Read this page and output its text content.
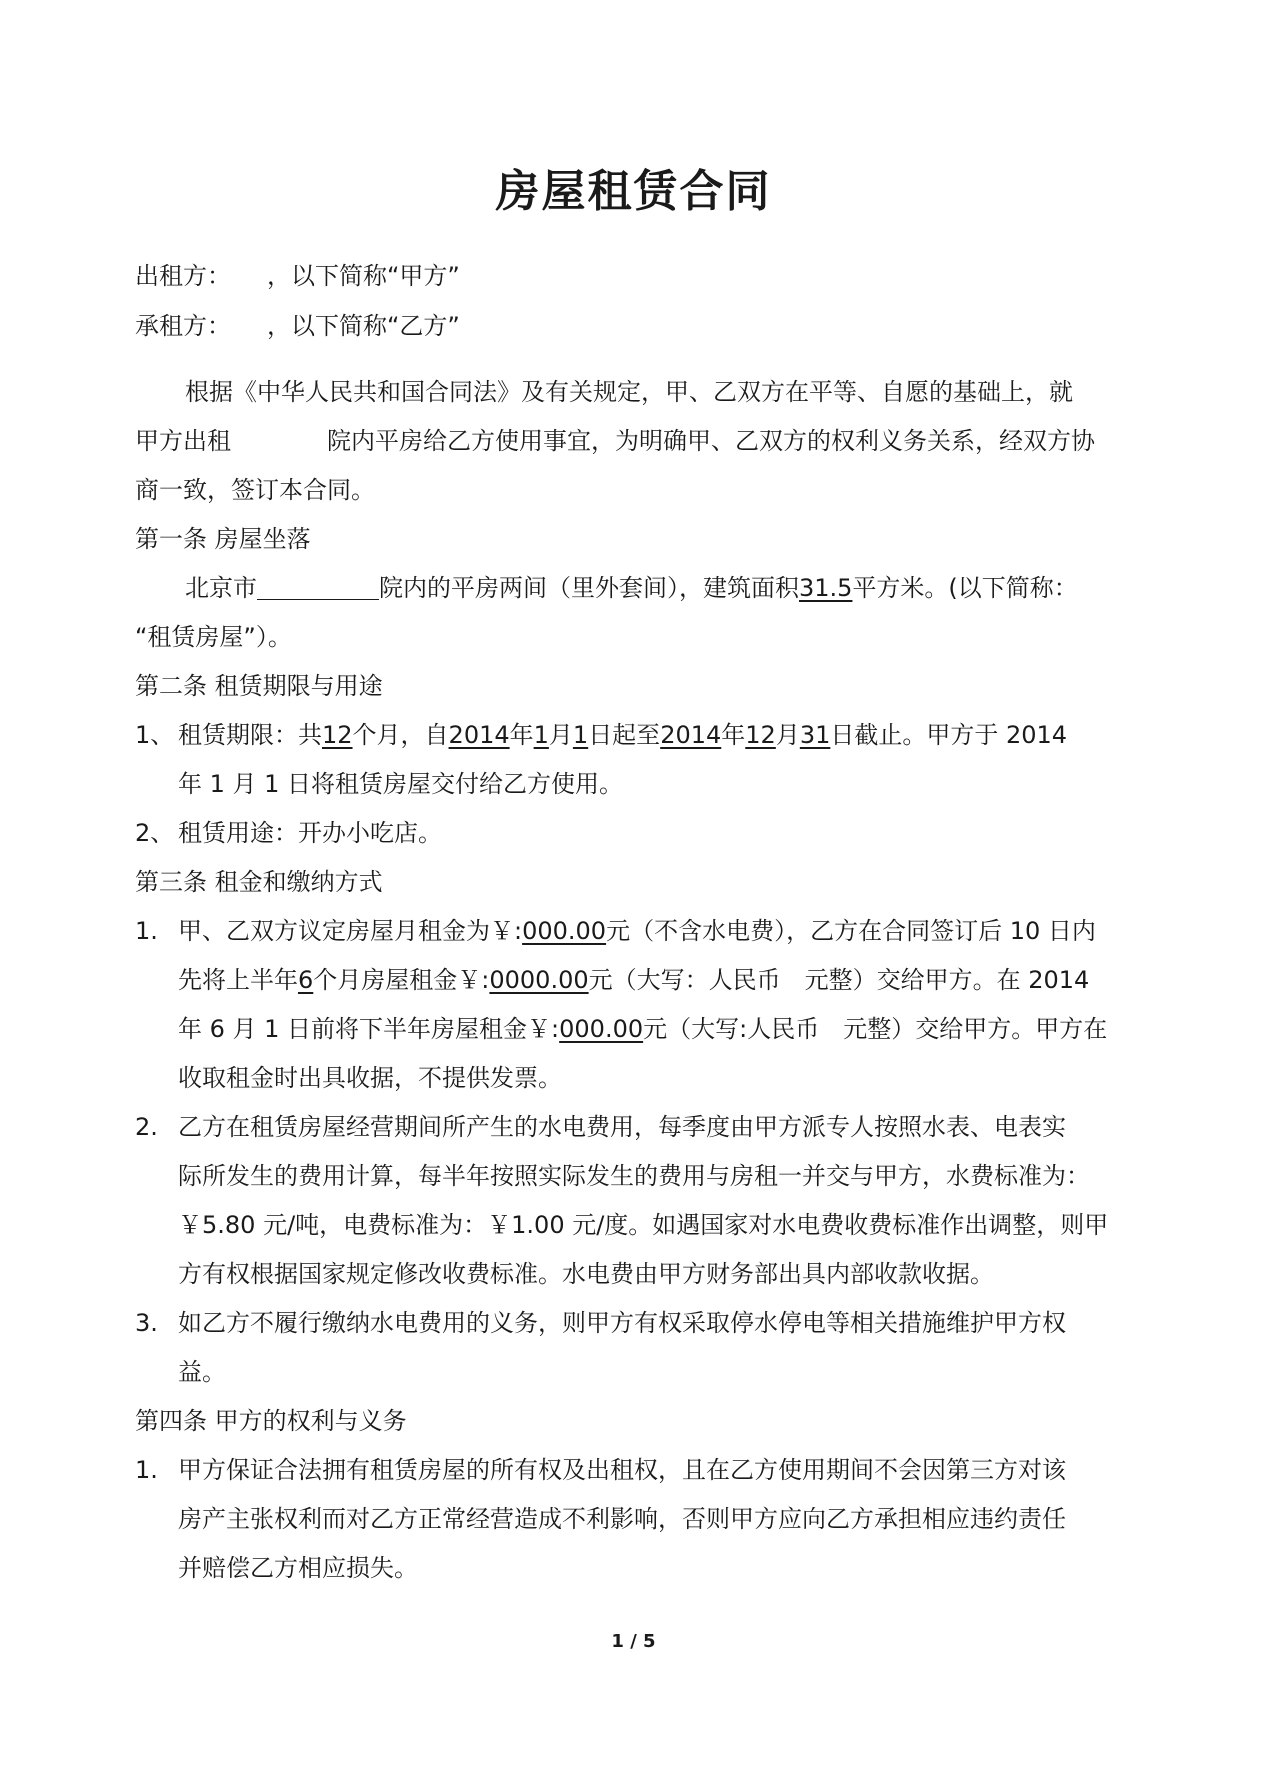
房屋租赁合同
出租方：　　，以下简称“甲方”
承租方：　　，以下简称“乙方”
根据《中华人民共和国合同法》及有关规定，甲、乙双方在平等、自愿的基础上，就
甲方出租　　　　院内平房给乙方使用事宜，为明确甲、乙双方的权利义务关系，经双方协
商一致，签订本合同。
第一条 房屋坐落
北京市	院内的平房两间（里外套间），建筑面积31.5平方米。(以下简称：
“租赁房屋”）。
第二条 租赁期限与用途
1、 租赁期限：共12个月，自2014年1月1日起至2014年12月31日截止。甲方于 2014
年 1 月 1 日将租赁房屋交付给乙方使用。
2、 租赁用途：开办小吃店。
第三条 租金和缴纳方式
1. 甲、乙双方议定房屋月租金为￥:000.00元（不含水电费），乙方在合同签订后 10 日内
先将上半年6个月房屋租金￥:0000.00元（大写：人民币　元整）交给甲方。在 2014
年 6 月 1 日前将下半年房屋租金￥:000.00元（大写:人民币　元整）交给甲方。甲方在
收取租金时出具收据，不提供发票。
2. 乙方在租赁房屋经营期间所产生的水电费用，每季度由甲方派专人按照水表、电表实
际所发生的费用计算，每半年按照实际发生的费用与房租一并交与甲方，水费标准为：
￥5.80 元/吨，电费标准为：￥1.00 元/度。如遇国家对水电费收费标准作出调整，则甲
方有权根据国家规定修改收费标准。水电费由甲方财务部出具内部收款收据。
3. 如乙方不履行缴纳水电费用的义务，则甲方有权采取停水停电等相关措施维护甲方权
益。
第四条 甲方的权利与义务
1. 甲方保证合法拥有租赁房屋的所有权及出租权，且在乙方使用期间不会因第三方对该
房产主张权利而对乙方正常经营造成不利影响，否则甲方应向乙方承担相应违约责任
并赔偿乙方相应损失。
1 / 5
